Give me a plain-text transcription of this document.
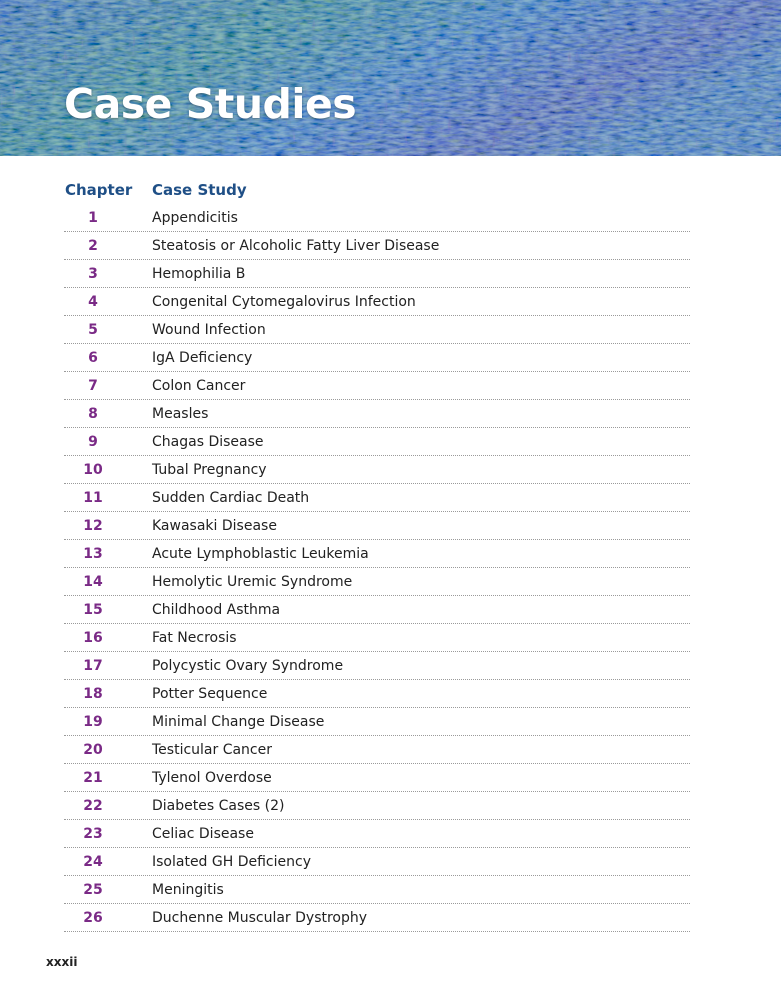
Case Studies
Chapter Case Study
1	Appendicitis
2	Steatosis or Alcoholic Fatty Liver Disease
3	Hemophilia B
4	Congenital Cytomegalovirus Infection
5	Wound Infection
6	IgA Deficiency
7	Colon Cancer
8	Measles
9	Chagas Disease
10	Tubal Pregnancy
11	Sudden Cardiac Death
12	Kawasaki Disease
13	Acute Lymphoblastic Leukemia
14	Hemolytic Uremic Syndrome
15	Childhood Asthma
16	Fat Necrosis
17	Polycystic Ovary Syndrome
18	Potter Sequence
19	Minimal Change Disease
20	Testicular Cancer
21	Tylenol Overdose
22	Diabetes Cases (2)
23	Celiac Disease
24	Isolated GH Deficiency
25	Meningitis
26	Duchenne Muscular Dystrophy
xxxii
